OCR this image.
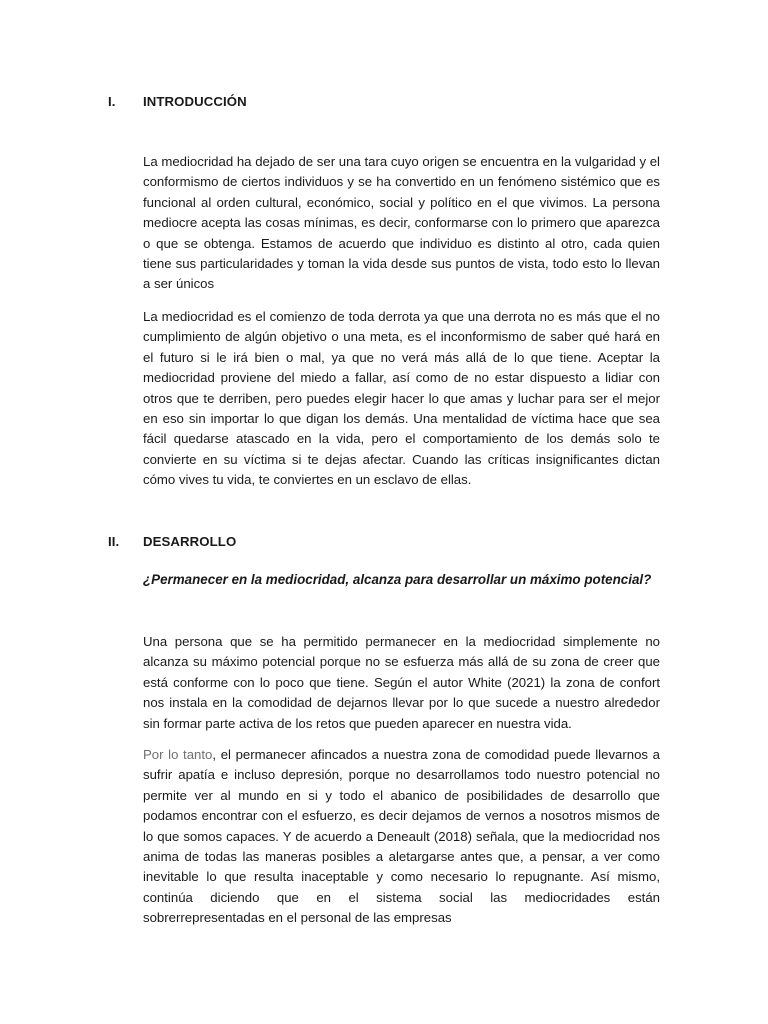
I. INTRODUCCIÓN

La mediocridad ha dejado de ser una tara cuyo origen se encuentra en la vulgaridad y el conformismo de ciertos individuos y se ha convertido en un fenómeno sistémico que es funcional al orden cultural, económico, social y político en el que vivimos. La persona mediocre acepta las cosas mínimas, es decir, conformarse con lo primero que aparezca o que se obtenga. Estamos de acuerdo que individuo es distinto al otro, cada quien tiene sus particularidades y toman la vida desde sus puntos de vista, todo esto lo llevan a ser únicos

La mediocridad es el comienzo de toda derrota ya que una derrota no es más que el no cumplimiento de algún objetivo o una meta, es el inconformismo de saber qué hará en el futuro si le irá bien o mal, ya que no verá más allá de lo que tiene. Aceptar la mediocridad proviene del miedo a fallar, así como de no estar dispuesto a lidiar con otros que te derriben, pero puedes elegir hacer lo que amas y luchar para ser el mejor en eso sin importar lo que digan los demás. Una mentalidad de víctima hace que sea fácil quedarse atascado en la vida, pero el comportamiento de los demás solo te convierte en su víctima si te dejas afectar. Cuando las críticas insignificantes dictan cómo vives tu vida, te conviertes en un esclavo de ellas.

II. DESARROLLO
¿Permanecer en la mediocridad, alcanza para desarrollar un máximo potencial?

Una persona que se ha permitido permanecer en la mediocridad simplemente no alcanza su máximo potencial porque no se esfuerza más allá de su zona de creer que está conforme con lo poco que tiene. Según el autor White (2021) la zona de confort nos instala en la comodidad de dejarnos llevar por lo que sucede a nuestro alrededor sin formar parte activa de los retos que pueden aparecer en nuestra vida.

Por lo tanto, el permanecer afincados a nuestra zona de comodidad puede llevarnos a sufrir apatía e incluso depresión, porque no desarrollamos todo nuestro potencial no permite ver al mundo en si y todo el abanico de posibilidades de desarrollo que podamos encontrar con el esfuerzo, es decir dejamos de vernos a nosotros mismos de lo que somos capaces. Y de acuerdo a Deneault (2018) señala, que la mediocridad nos anima de todas las maneras posibles a aletargarse antes que, a pensar, a ver como inevitable lo que resulta inaceptable y como necesario lo repugnante. Así mismo, continúa diciendo que en el sistema social las mediocridades están sobrerrepresentadas en el personal de las empresas
